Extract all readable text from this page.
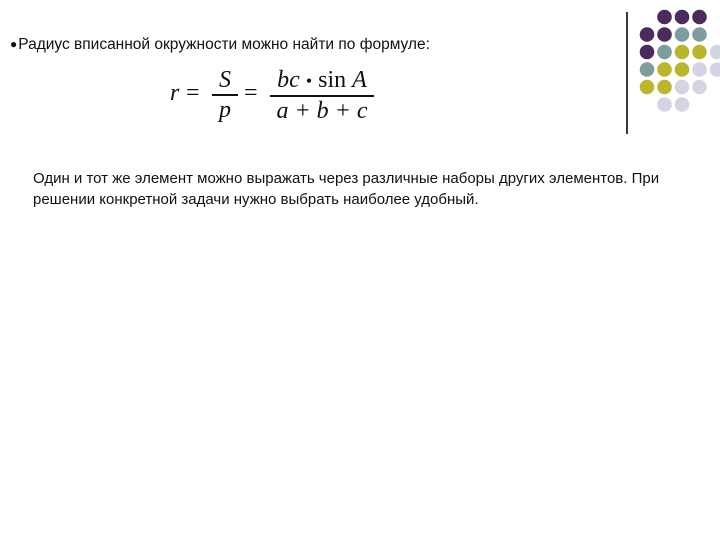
●Радиус вписанной окружности можно найти по формуле:
r = S
p
= bc • sin A
a + b + c
Один и тот же элемент можно выражать через различные наборы других элементов. При решении конкретной задачи нужно выбрать наиболее удобный.
